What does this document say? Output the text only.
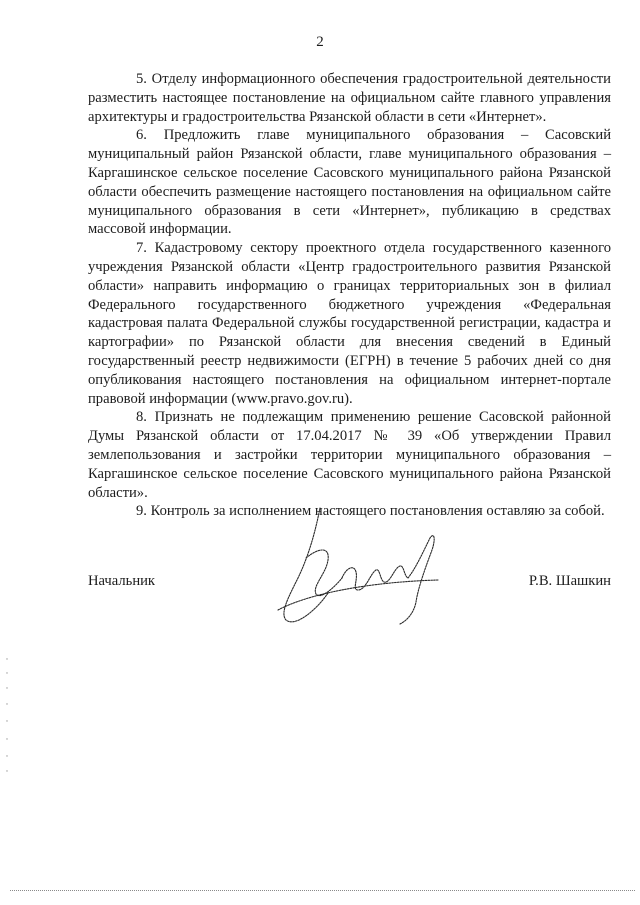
2

5. Отделу информационного обеспечения градостроительной деятельности разместить настоящее постановление на официальном сайте главного управления архитектуры и градостроительства Рязанской области в сети «Интернет».

6. Предложить главе муниципального образования – Сасовский муниципальный район Рязанской области, главе муниципального образования – Каргашинское сельское поселение Сасовского муниципального района Рязанской области обеспечить размещение настоящего постановления на официальном сайте муниципального образования в сети «Интернет», публикацию в средствах массовой информации.

7. Кадастровому сектору проектного отдела государственного казенного учреждения Рязанской области «Центр градостроительного развития Рязанской области» направить информацию о границах территориальных зон в филиал Федерального государственного бюджетного учреждения «Федеральная кадастровая палата Федеральной службы государственной регистрации, кадастра и картографии» по Рязанской области для внесения сведений в Единый государственный реестр недвижимости (ЕГРН) в течение 5 рабочих дней со дня опубликования настоящего постановления на официальном интернет-портале правовой информации (www.pravo.gov.ru).

8. Признать не подлежащим применению решение Сасовской районной Думы Рязанской области от 17.04.2017 № 39 «Об утверждении Правил землепользования и застройки территории муниципального образования – Каргашинское сельское поселение Сасовского муниципального района Рязанской области».

9. Контроль за исполнением настоящего постановления оставляю за собой.

Начальник	Р.В. Шашкин
